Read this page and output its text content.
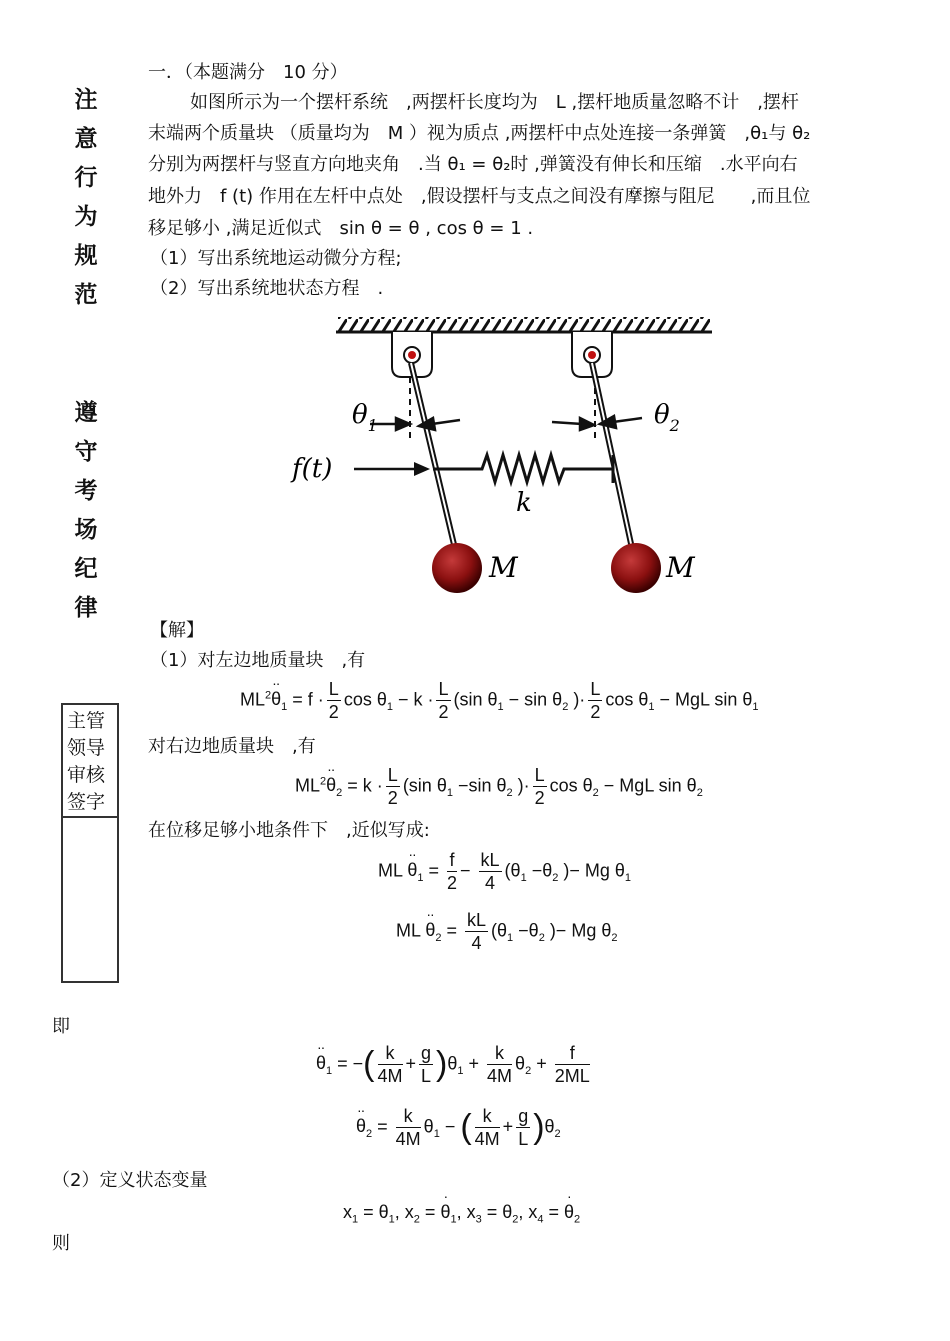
注
意
行
为
规
范
遵
守
考
场
纪
律
主管
领导
审核
签字
一．（本题满分　10 分）
如图所示为一个摆杆系统　,两摆杆长度均为　L ,摆杆地质量忽略不计　,摆杆
末端两个质量块 （质量均为　M ）视为质点 ,两摆杆中点处连接一条弹簧　,θ₁与 θ₂
分别为两摆杆与竖直方向地夹角　.当 θ₁ = θ₂时 ,弹簧没有伸长和压缩　.水平向右
地外力　f (t) 作用在左杆中点处　,假设摆杆与支点之间没有摩擦与阻尼　　,而且位
移足够小 ,满足近似式　sin θ = θ , cos θ = 1 .
（1）写出系统地运动微分方程;
（2）写出系统地状态方程　.
$\theta_1$	$\theta_2$
f(t)
k
M	M
【解】
（1）对左边地质量块　,有
$ML^2\cdot\cdot \theta_1 = f \cdot \frac{L}{2}$ $\cos \theta_1 - k \cdot \frac{L}{2} (\sin$ $\theta_1 - \sin \theta_2$ )· $\frac{L}{2}$ $\cos \theta_1$ − MgL $\sin \theta_1$
对右边地质量块　,有
$ML^2\cdot\cdot \theta_2 = k \cdot \frac{L}{2} (\sin$ $\theta_1 -\sin$ $\theta_2$ )· $\frac{L}{2}$ $\cos \theta_2$ − MgL $\sin \theta_2$
在位移足够小地条件下　,近似写成:
ML ·· $\theta_1 = \frac{f}{2} - \frac{kL}{4} (\theta_1 -\theta_2$ )− Mg $\theta_1$
ML ·· $\theta_2 = \frac{kL}{4} (\theta_1 -\theta_2$ )− Mg $\theta_2$
即
·· $\theta_1$ = −( $\frac{k}{4M} + \frac{g}{L} )\theta_1 + \frac{k}{4M} \theta_2 + \frac{f}{2ML}$
·· $\theta_2 = \frac{k}{4M} \theta_1$ − ( $\frac{k}{4M} + \frac{g}{L} )\theta_2$
（2）定义状态变量
$x_1 = \theta_1$, $x_2$ = · $\theta_1$, $x_3 = \theta_2$, $x_4$ = · $\theta_2$
则
